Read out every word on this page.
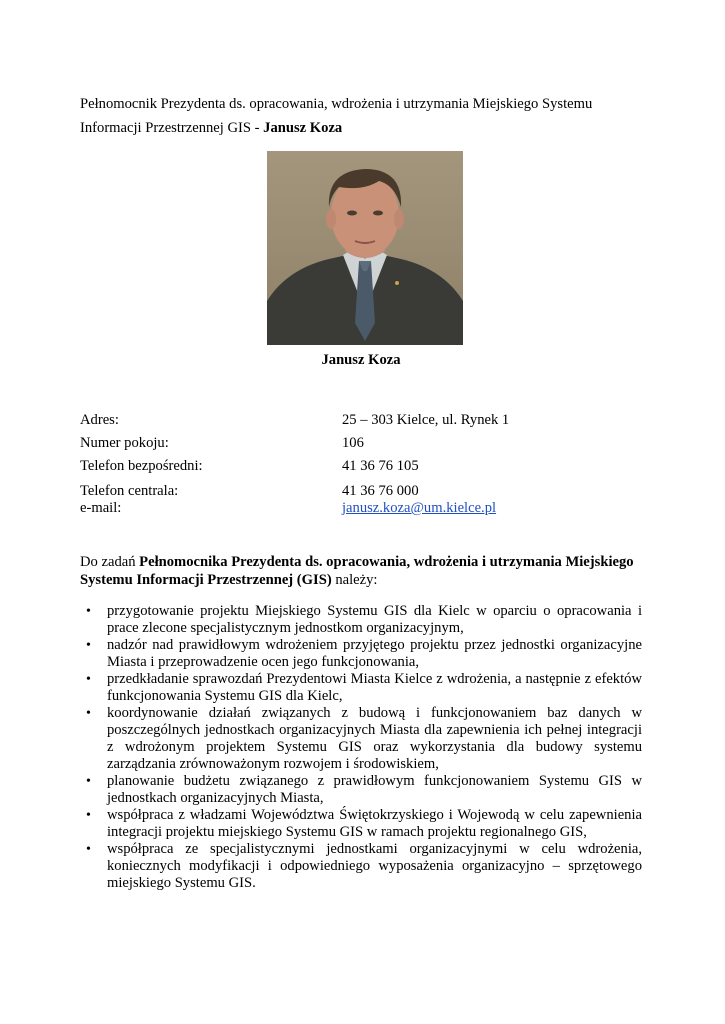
Pełnomocnik Prezydenta ds. opracowania, wdrożenia i utrzymania Miejskiego Systemu Informacji Przestrzennej GIS - Janusz Koza
Janusz Koza
Adres:	25 – 303 Kielce, ul. Rynek 1
Numer pokoju:	106
Telefon bezpośredni:	41 36 76 105
Telefon centrala:	41 36 76 000
e-mail:	janusz.koza@um.kielce.pl
Do zadań Pełnomocnika Prezydenta ds. opracowania, wdrożenia i utrzymania Miejskiego Systemu Informacji Przestrzennej (GIS) należy:
• przygotowanie projektu Miejskiego Systemu GIS dla Kielc w oparciu o opracowania i prace zlecone specjalistycznym jednostkom organizacyjnym,
• nadzór nad prawidłowym wdrożeniem przyjętego projektu przez jednostki organizacyjne Miasta i przeprowadzenie ocen jego funkcjonowania,
• przedkładanie sprawozdań Prezydentowi Miasta Kielce z wdrożenia, a następnie z efektów funkcjonowania Systemu GIS dla Kielc,
• koordynowanie działań związanych z budową i funkcjonowaniem baz danych w poszczególnych jednostkach organizacyjnych Miasta dla zapewnienia ich pełnej integracji z wdrożonym projektem Systemu GIS oraz wykorzystania dla budowy systemu zarządzania zrównoważonym rozwojem i środowiskiem,
• planowanie budżetu związanego z prawidłowym funkcjonowaniem Systemu GIS w jednostkach organizacyjnych Miasta,
• współpraca z władzami Województwa Świętokrzyskiego i Wojewodą w celu zapewnienia integracji projektu miejskiego Systemu GIS w ramach projektu regionalnego GIS,
• współpraca ze specjalistycznymi jednostkami organizacyjnymi w celu wdrożenia, koniecznych modyfikacji i odpowiedniego wyposażenia organizacyjno – sprzętowego miejskiego Systemu GIS.
